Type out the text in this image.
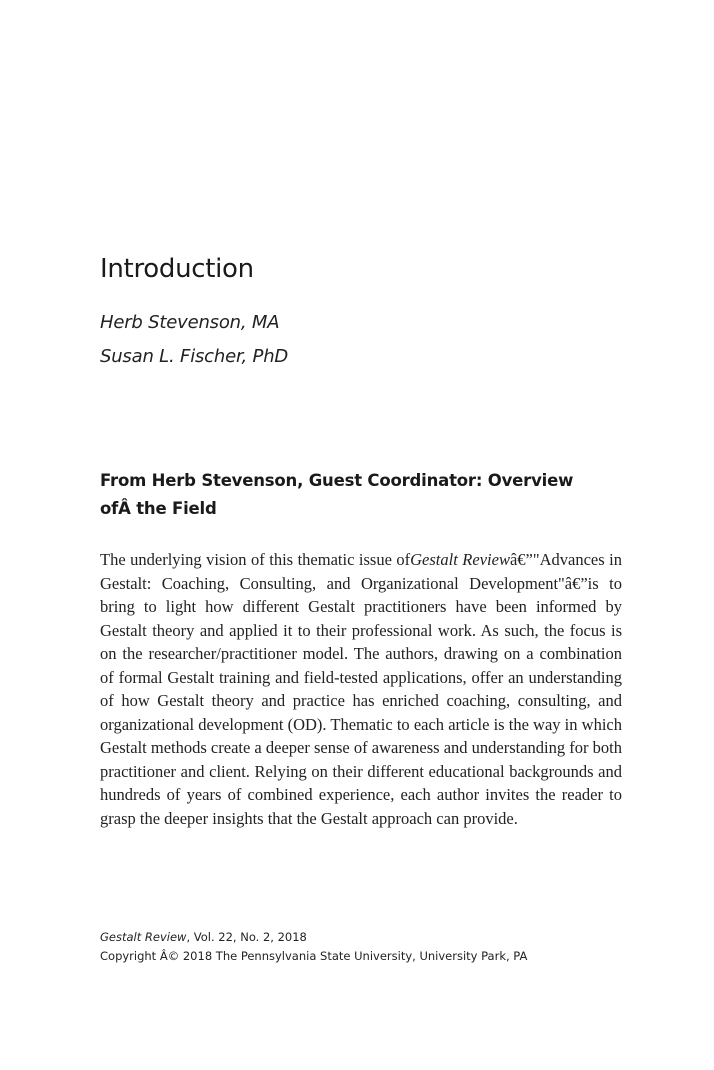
Introduction

Herb Stevenson, MA

Susan L. Fischer, PhD

From Herb Stevenson, Guest Coordinator: Overview ofÂ the Field

The underlying vision of this thematic issue ofGestalt Reviewâ€”"Advances in Gestalt: Coaching, Consulting, and Organizational Development"â€”is to bring to light how different Gestalt practitioners have been informed by Gestalt theory and applied it to their professional work. As such, the focus is on the researcher/practitioner model. The authors, drawing on a combination of formal Gestalt training and field-tested applications, offer an understanding of how Gestalt theory and practice has enriched coaching, consulting, and organizational development (OD). Thematic to each article is the way in which Gestalt methods create a deeper sense of awareness and understanding for both practitioner and client. Relying on their different educational backgrounds and hundreds of years of combined experience, each author invites the reader to grasp the deeper insights that the Gestalt approach can provide.

Gestalt Review, Vol. 22, No. 2, 2018
Copyright Â© 2018 The Pennsylvania State University, University Park, PA
